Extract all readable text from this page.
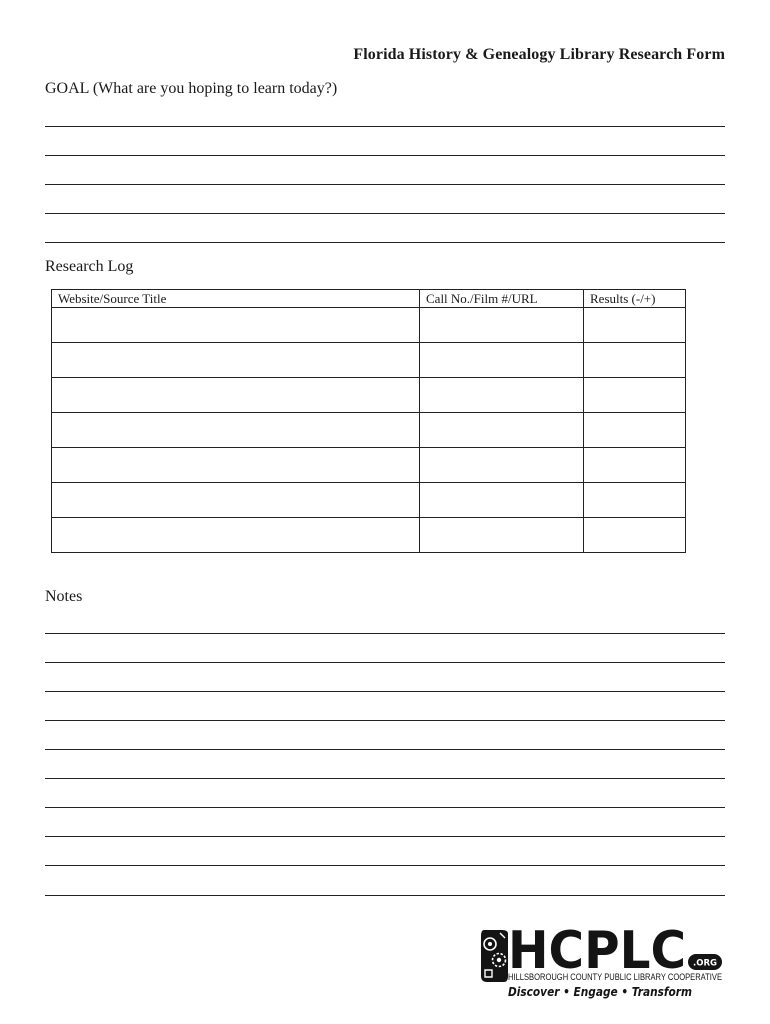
Florida History & Genealogy Library Research Form
GOAL (What are you hoping to learn today?)
Research Log
Website/Source Title	Call No./Film #/URL	Results (-/+)

Notes
HCPLC .ORG
HILLSBOROUGH COUNTY PUBLIC LIBRARY COOPERATIVE
Discover • Engage • Transform
